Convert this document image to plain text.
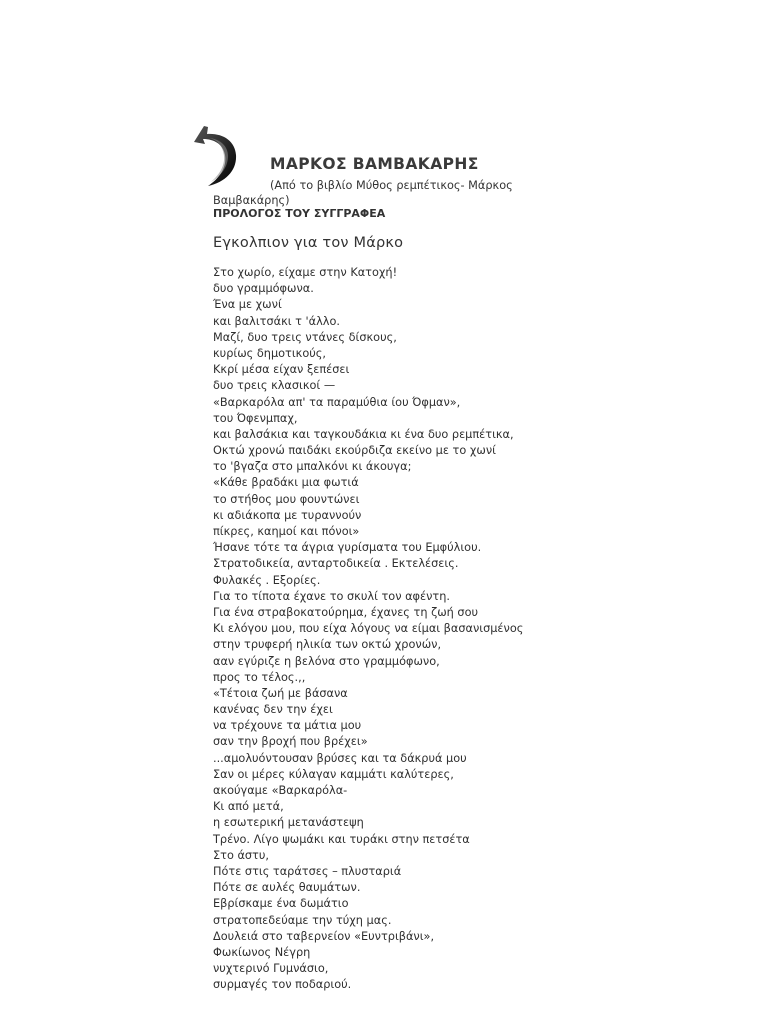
ΜΑΡΚΟΣ ΒΑΜΒΑΚΑΡΗΣ
(Από το βιβλίο Μύθος ρεμπέτικος- Μάρκος Βαμβακάρης)
ΠΡΟΛΟΓΟΣ ΤΟΥ ΣΥΓΓΡΑΦΕΑ
Εγκολπιον για τον Μάρκο
Στο χωρίο, είχαμε στην Κατοχή!
δυο γραμμόφωνα.
Ένα με χωνί
και βαλιτσάκι τ 'άλλο.
Μαζί, δυο τρεις ντάνες δίσκους,
κυρίως δημοτικούς,
Κκρί μέσα είχαν ξεπέσει
δυο τρεις κλασικοί —
«Βαρκαρόλα απ' τα παραμύθια ίου Όφμαν»,
του Όφενμπαχ,
και βαλσάκια και ταγκουδάκια κι ένα δυο ρεμπέτικα,
Οκτώ χρονώ παιδάκι εκούρδιζα εκείνο με το χωνί
το 'βγαζα στο μπαλκόνι κι άκουγα;
«Κάθε βραδάκι μια φωτιά
το στήθος μου φουντώνει
κι αδιάκοπα με τυραννούν
πίκρες, καημοί και πόνοι»
Ήσανε τότε τα άγρια γυρίσματα του Εμφύλιου.
Στρατοδικεία, ανταρτοδικεία . Εκτελέσεις.
Φυλακές . Εξορίες.
Για το τίποτα έχανε το σκυλί τον αφέντη.
Για ένα στραβοκατούρημα, έχανες τη ζωή σου
Κι ελόγου μου, που είχα λόγους να είμαι βασανισμένος
στην τρυφερή ηλικία των οκτώ χρονών,
ααν εγύριζε η βελόνα στο γραμμόφωνο,
προς το τέλος.,,
«Τέτοια ζωή με βάσανα
κανένας δεν την έχει
να τρέχουνε τα μάτια μου
σαν την βροχή που βρέχει»
...αμολυόντουσαν βρύσες και τα δάκρυά μου
Σαν οι μέρες κύλαγαν καμμάτι καλύτερες,
ακούγαμε «Βαρκαρόλα-
Κι από μετά,
η εσωτερική μετανάστεψη
Τρένο. Λίγο ψωμάκι και τυράκι στην πετσέτα
Στο άστυ,
Πότε στις ταράτσες – πλυσταριά
Πότε σε αυλές θαυμάτων.
Εβρίσκαμε ένα δωμάτιο
στρατοπεδεύαμε την τύχη μας.
Δουλειά στο ταβερνείον «Ευντριβάνι»,
Φωκίωνος Νέγρη
νυχτερινό Γυμνάσιο,
συρμαγές τον ποδαριού.
